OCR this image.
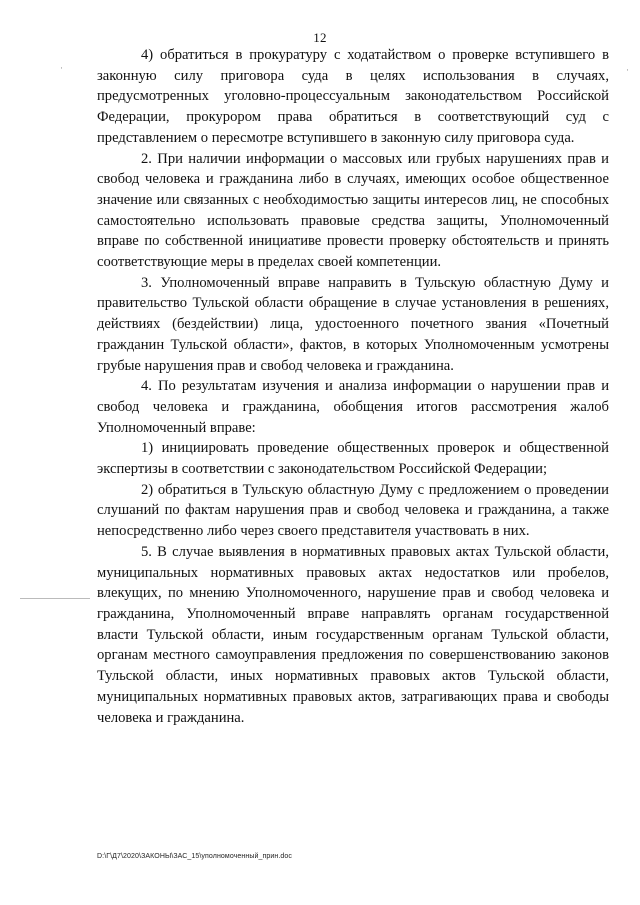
12

4) обратиться в прокуратуру с ходатайством о проверке вступившего в законную силу приговора суда в целях использования в случаях, предусмотренных уголовно-процессуальным законодательством Российской Федерации, прокурором права обратиться в соответствующий суд с представлением о пересмотре вступившего в законную силу приговора суда.

2. При наличии информации о массовых или грубых нарушениях прав и свобод человека и гражданина либо в случаях, имеющих особое общественное значение или связанных с необходимостью защиты интересов лиц, не способных самостоятельно использовать правовые средства защиты, Уполномоченный вправе по собственной инициативе провести проверку обстоятельств и принять соответствующие меры в пределах своей компетенции.

3. Уполномоченный вправе направить в Тульскую областную Думу и правительство Тульской области обращение в случае установления в решениях, действиях (бездействии) лица, удостоенного почетного звания «Почетный гражданин Тульской области», фактов, в которых Уполномоченным усмотрены грубые нарушения прав и свобод человека и гражданина.

4. По результатам изучения и анализа информации о нарушении прав и свобод человека и гражданина, обобщения итогов рассмотрения жалоб Уполномоченный вправе:

1) инициировать проведение общественных проверок и общественной экспертизы в соответствии с законодательством Российской Федерации;

2) обратиться в Тульскую областную Думу с предложением о проведении слушаний по фактам нарушения прав и свобод человека и гражданина, а также непосредственно либо через своего представителя участвовать в них.

5. В случае выявления в нормативных правовых актах Тульской области, муниципальных нормативных правовых актах недостатков или пробелов, влекущих, по мнению Уполномоченного, нарушение прав и свобод человека и гражданина, Уполномоченный вправе направлять органам государственной власти Тульской области, иным государственным органам Тульской области, органам местного самоуправления предложения по совершенствованию законов Тульской области, иных нормативных правовых актов Тульской области, муниципальных нормативных правовых актов, затрагивающих права и свободы человека и гражданина.

D:\Г\Д7\2020\ЗАКОНЫ\ЗАС_15\уполномоченный_прин.doc
·	·
